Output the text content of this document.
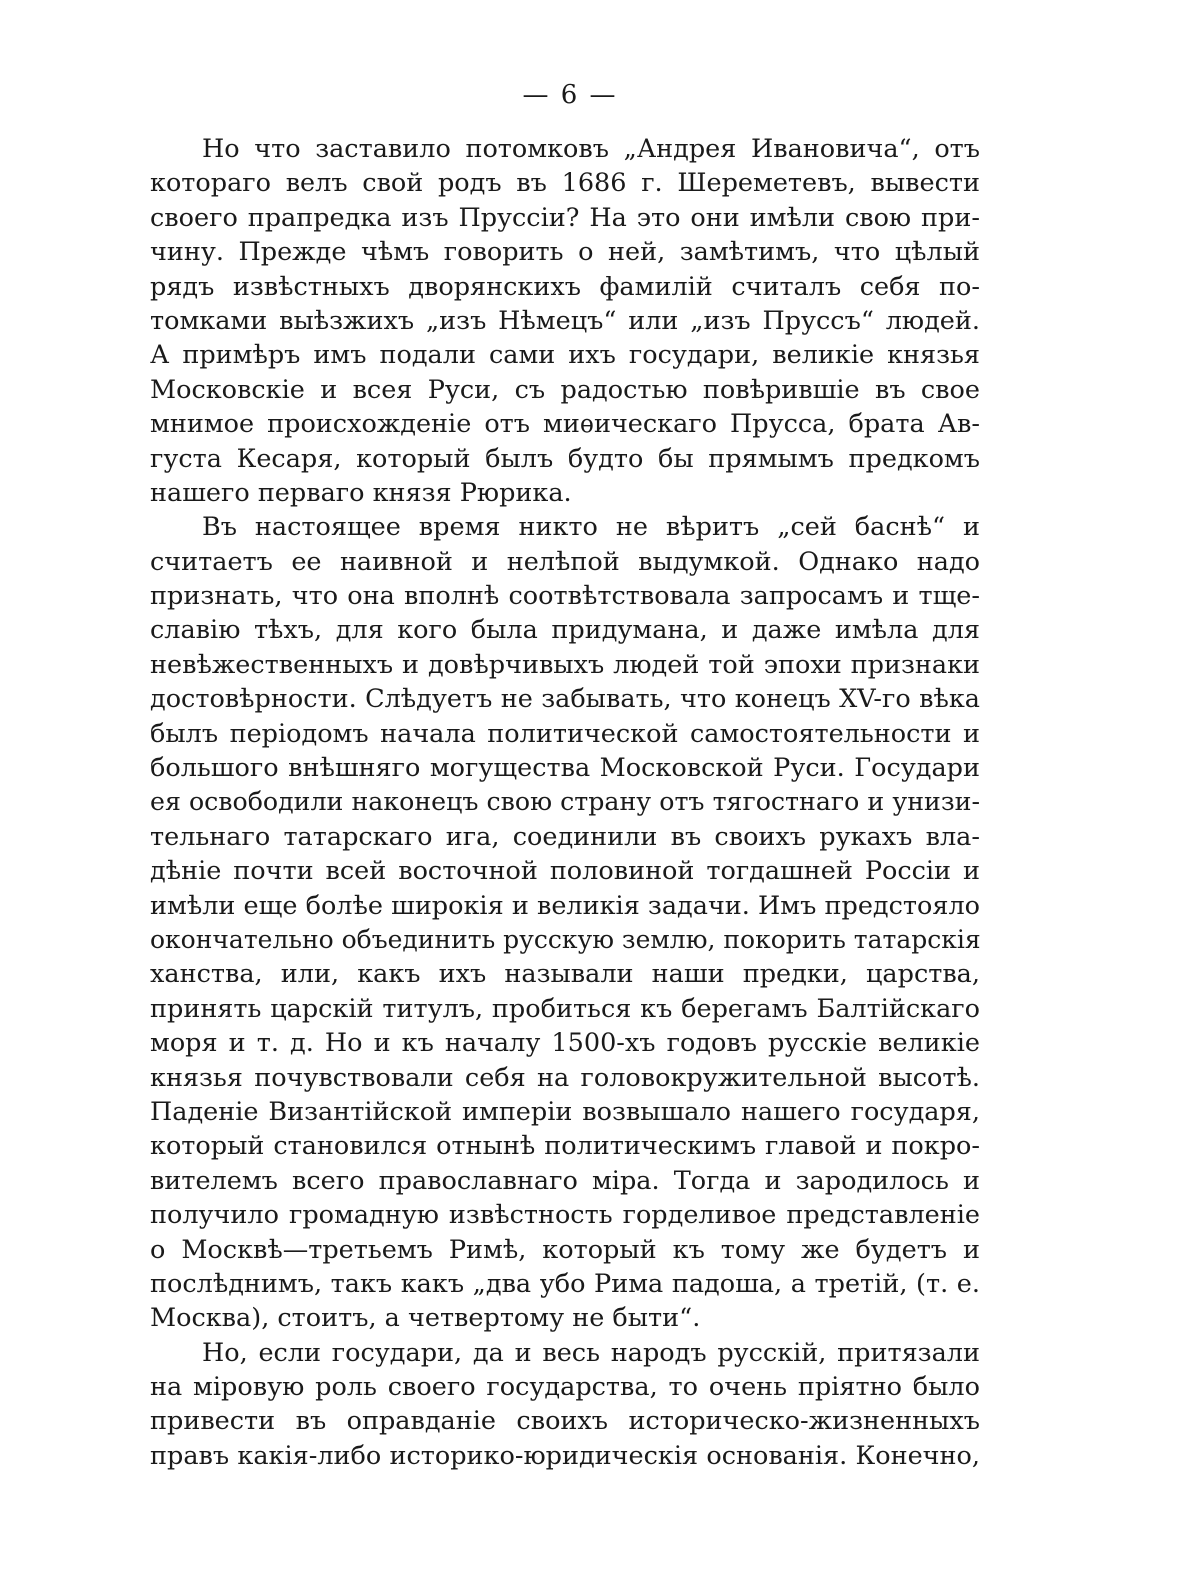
— 6 —
Но что заставило потомковъ „Андрея Ивановича“, отъ
котораго велъ свой родъ въ 1686 г. Шереметевъ, вывести
своего прапредка изъ Пруссіи? На это они имѣли свою при-
чину. Прежде чѣмъ говорить о ней, замѣтимъ, что цѣлый
рядъ извѣстныхъ дворянскихъ фамилій считалъ себя по-
томками выѣзжихъ „изъ Нѣмецъ“ или „изъ Пруссъ“ людей.
А примѣръ имъ подали сами ихъ государи, великіе князья
Московскіе и всея Руси, съ радостью повѣрившіе въ свое
мнимое происхожденіе отъ миѳическаго Прусса, брата Ав-
густа Кесаря, который былъ будто бы прямымъ предкомъ
нашего перваго князя Рюрика.
Въ настоящее время никто не вѣритъ „сей баснѣ“ и
считаетъ ее наивной и нелѣпой выдумкой. Однако надо
признать, что она вполнѣ соотвѣтствовала запросамъ и тще-
славію тѣхъ, для кого была придумана, и даже имѣла для
невѣжественныхъ и довѣрчивыхъ людей той эпохи признаки
достовѣрности. Слѣдуетъ не забывать, что конецъ XV-го вѣка
былъ періодомъ начала политической самостоятельности и
большого внѣшняго могущества Московской Руси. Государи
ея освободили наконецъ свою страну отъ тягостнаго и унизи-
тельнаго татарскаго ига, соединили въ своихъ рукахъ вла-
дѣніе почти всей восточной половиной тогдашней Россіи и
имѣли еще болѣе широкія и великія задачи. Имъ предстояло
окончательно объединить русскую землю, покорить татарскія
ханства, или, какъ ихъ называли наши предки, царства,
принять царскій титулъ, пробиться къ берегамъ Балтійскаго
моря и т. д. Но и къ началу 1500-хъ годовъ русскіе великіе
князья почувствовали себя на головокружительной высотѣ.
Паденіе Византійской имперіи возвышало нашего государя,
который становился отнынѣ политическимъ главой и покро-
вителемъ всего православнаго міра. Тогда и зародилось и
получило громадную извѣстность горделивое представленіе
о Москвѣ—третьемъ Римѣ, который къ тому же будетъ и
послѣднимъ, такъ какъ „два убо Рима падоша, а третій, (т. е.
Москва), стоитъ, а четвертому не быти“.
Но, если государи, да и весь народъ русскій, притязали
на міровую роль своего государства, то очень пріятно было
привести въ оправданіе своихъ историческо-жизненныхъ
правъ какія-либо историко-юридическія основанія. Конечно,
